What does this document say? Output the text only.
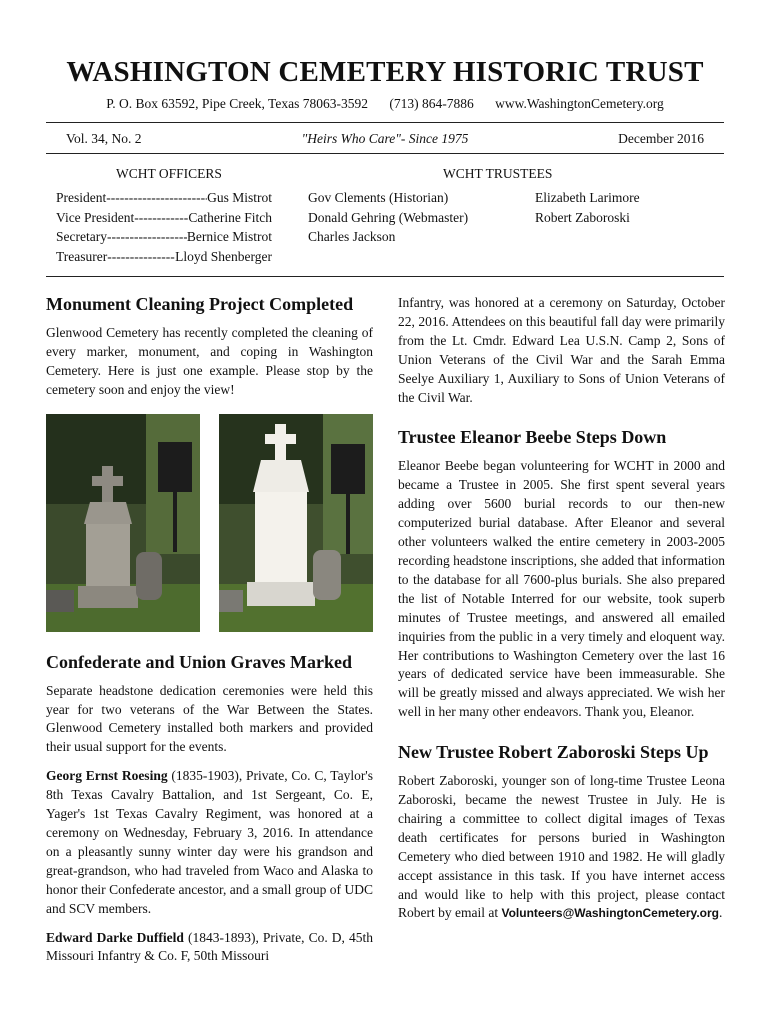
WASHINGTON CEMETERY HISTORIC TRUST
P. O. Box 63592, Pipe Creek, Texas 78063-3592 (713) 864-7886 www.WashingtonCemetery.org
Vol. 34, No. 2	"Heirs Who Care"- Since 1975	December 2016
WCHT OFFICERS
President -----	Gus Mistrot
Vice President -----	Catherine Fitch
Secretary -----	Bernice Mistrot
Treasurer -----	Lloyd Shenberger
WCHT TRUSTEES
Gov Clements (Historian)
Donald Gehring (Webmaster)
Charles Jackson
Elizabeth Larimore
Robert Zaboroski
Monument Cleaning Project Completed

Glenwood Cemetery has recently completed the cleaning of every marker, monument, and coping in Washington Cemetery. Here is just one example. Please stop by the cemetery soon and enjoy the view!

Confederate and Union Graves Marked

Separate headstone dedication ceremonies were held this year for two veterans of the War Between the States. Glenwood Cemetery installed both markers and provided their usual support for the events.

Georg Ernst Roesing (1835-1903), Private, Co. C, Taylor's 8th Texas Cavalry Battalion, and 1st Sergeant, Co. E, Yager's 1st Texas Cavalry Regiment, was honored at a ceremony on Wednesday, February 3, 2016. In attendance on a pleasantly sunny winter day were his grandson and great-grandson, who had traveled from Waco and Alaska to honor their Confederate ancestor, and a small group of UDC and SCV members.

Edward Darke Duffield (1843-1893), Private, Co. D, 45th Missouri Infantry & Co. F, 50th Missouri

Infantry, was honored at a ceremony on Saturday, October 22, 2016. Attendees on this beautiful fall day were primarily from the Lt. Cmdr. Edward Lea U.S.N. Camp 2, Sons of Union Veterans of the Civil War and the Sarah Emma Seelye Auxiliary 1, Auxiliary to Sons of Union Veterans of the Civil War.

Trustee Eleanor Beebe Steps Down

Eleanor Beebe began volunteering for WCHT in 2000 and became a Trustee in 2005. She first spent several years adding over 5600 burial records to our then-new computerized burial database. After Eleanor and several other volunteers walked the entire cemetery in 2003-2005 recording headstone inscriptions, she added that information to the database for all 7600-plus burials. She also prepared the list of Notable Interred for our website, took superb minutes of Trustee meetings, and answered all emailed inquiries from the public in a very timely and eloquent way. Her contributions to Washington Cemetery over the last 16 years of dedicated service have been immeasurable. She will be greatly missed and always appreciated. We wish her well in her many other endeavors. Thank you, Eleanor.

New Trustee Robert Zaboroski Steps Up

Robert Zaboroski, younger son of long-time Trustee Leona Zaboroski, became the newest Trustee in July. He is chairing a committee to collect digital images of Texas death certificates for persons buried in Washington Cemetery who died between 1910 and 1982. He will gladly accept assistance in this task. If you have internet access and would like to help with this project, please contact Robert by email at Volunteers@WashingtonCemetery.org.
